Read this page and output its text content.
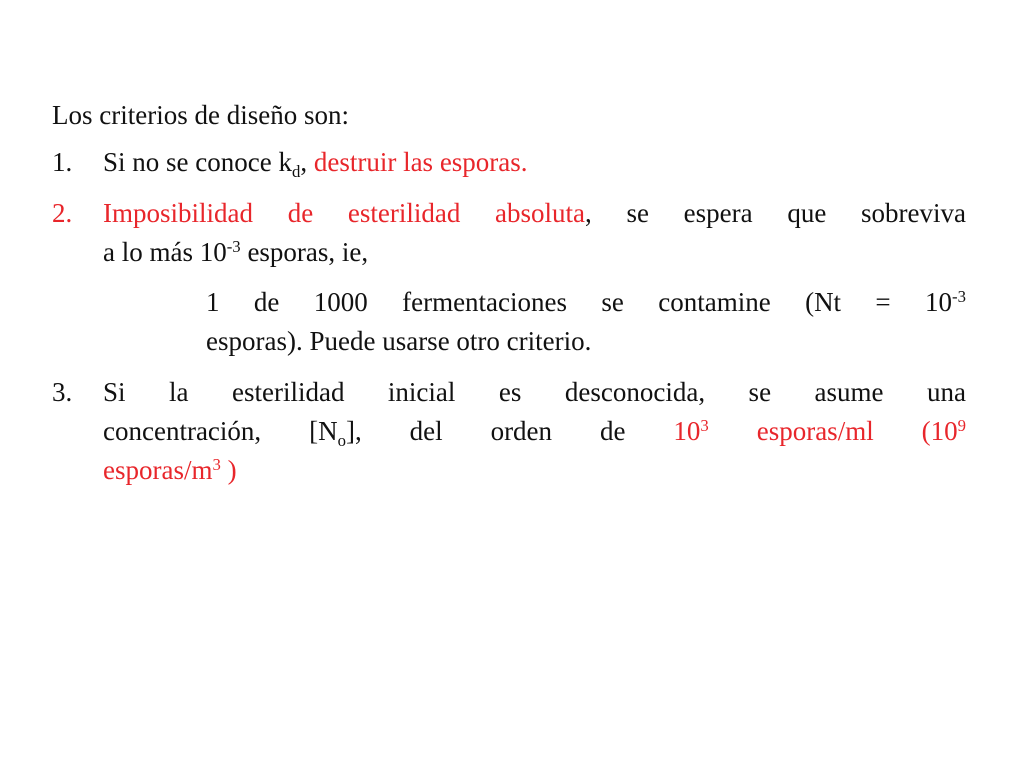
Los criterios de diseño son:
1. Si no se conoce $k_d$, destruir las esporas.
2. Imposibilidad de esterilidad absoluta, se espera que sobreviva
a lo más $10^{-3}$ esporas, ie,
1 de 1000 fermentaciones se contamine ($Nt = 10^{-3}$
esporas). Puede usarse otro criterio.
3. Si la esterilidad inicial es desconocida, se asume una
concentración, $[N_o]$, del orden de $10^3$ esporas/ml ($10^9$
esporas/$m^3$ )
